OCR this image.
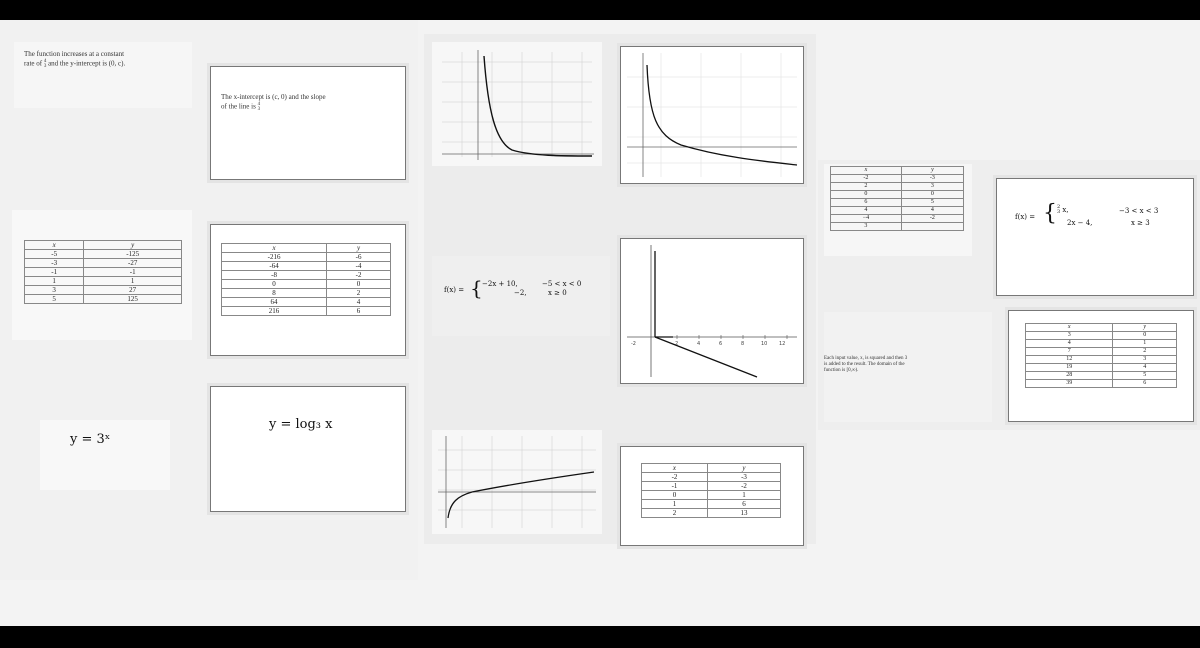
The function increases at a constant
rate of 4
3 and the y-intercept is (0, c).
The x-intercept is (c, 0) and the slope
of the line is 4
3
x	y
-5	-125
-3	-27
-1	-1
1	1
3	27
5	125
x	y
-216	-6
-64	-4
-8	-2
0	0
8	2
64	4
216	6
y = 3ˣ
y = log₃ x
f(x) = { −2x + 10,	−5 < x < 0
−2,	x ≥ 0
-2	2	4	6	8	10 12
x	y
-2	-3
-1	-2
0	1
1	6
2	13
x	y
-2	-3
2	3
0	0
6	5
4	4
−4	-2
3	
f(x) = { 2
3 x,	−3 < x < 3
2x − 4,	x ≥ 3
Each input value, x, is squared and then 3
is added to the result. The domain of the
function is [0,∞).
x	y
3	0
4	1
7	2
12	3
19	4
28	5
39	6
